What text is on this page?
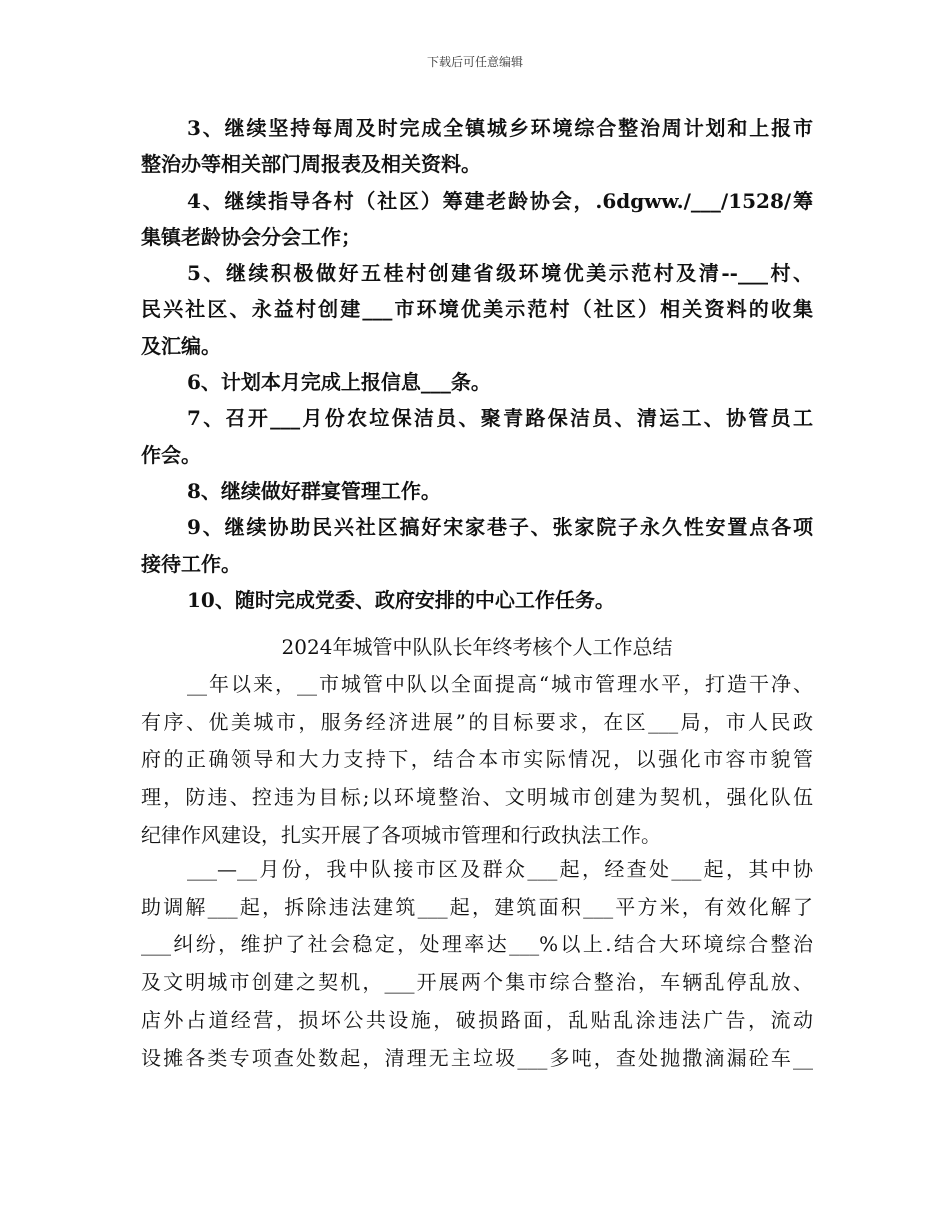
下载后可任意编辑
3、继续坚持每周及时完成全镇城乡环境综合整治周计划和上报市
整治办等相关部门周报表及相关资料。
4、继续指导各村（社区）筹建老龄协会，.6dgww./___/1528/筹
集镇老龄协会分会工作；
5、继续积极做好五桂村创建省级环境优美示范村及清--___村、
民兴社区、永益村创建___市环境优美示范村（社区）相关资料的收集
及汇编。
6、计划本月完成上报信息___条。
7、召开___月份农垃保洁员、聚青路保洁员、清运工、协管员工
作会。
8、继续做好群宴管理工作。
9、继续协助民兴社区搞好宋家巷子、张家院子永久性安置点各项
接待工作。
10、随时完成党委、政府安排的中心工作任务。
2024年城管中队队长年终考核个人工作总结
__年以来，__市城管中队以全面提高“城市管理水平，打造干净、
有序、优美城市，服务经济进展”的目标要求，在区___局，市人民政
府的正确领导和大力支持下，结合本市实际情况，以强化市容市貌管
理，防违、控违为目标;以环境整治、文明城市创建为契机，强化队伍
纪律作风建设，扎实开展了各项城市管理和行政执法工作。
___—__月份，我中队接市区及群众___起，经查处___起，其中协
助调解___起，拆除违法建筑___起，建筑面积___平方米，有效化解了
___纠纷，维护了社会稳定，处理率达___%以上.结合大环境综合整治
及文明城市创建之契机，___开展两个集市综合整治，车辆乱停乱放、
店外占道经营，损坏公共设施，破损路面，乱贴乱涂违法广告，流动
设摊各类专项查处数起，清理无主垃圾___多吨，查处抛撒滴漏砼车__
